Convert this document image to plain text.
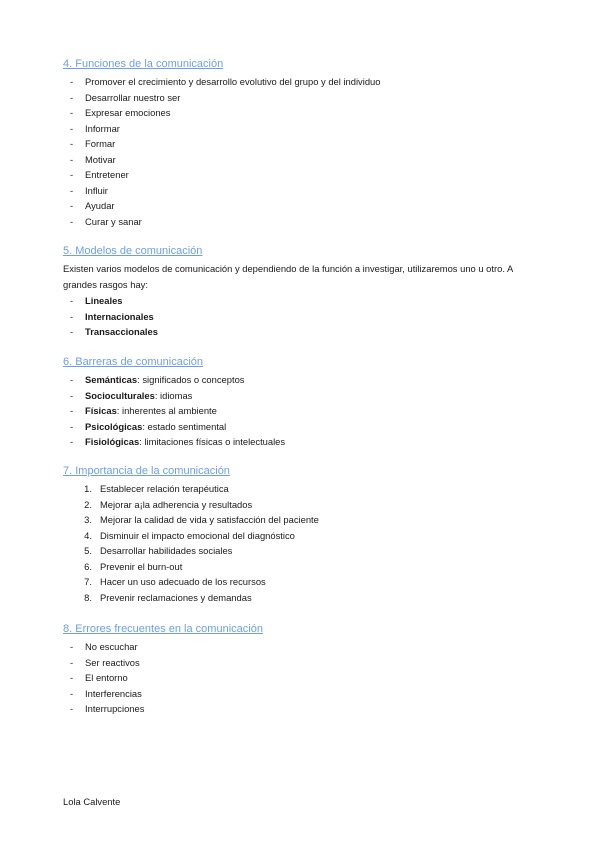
4. Funciones de la comunicación
- Promover el crecimiento y desarrollo evolutivo del grupo y del individuo
- Desarrollar nuestro ser
- Expresar emociones
- Informar
- Formar
- Motivar
- Entretener
- Influir
- Ayudar
- Curar y sanar
5. Modelos de comunicación
Existen varios modelos de comunicación y dependiendo de la función a investigar, utilizaremos uno u otro. A
grandes rasgos hay:
- Lineales
- Internacionales
- Transaccionales
6. Barreras de comunicación
- Semánticas: significados o conceptos
- Socioculturales: idiomas
- Físicas: inherentes al ambiente
- Psicológicas: estado sentimental
- Fisiológicas: limitaciones físicas o intelectuales
7. Importancia de la comunicación
1. Establecer relación terapéutica
2. Mejorar a¡la adherencia y resultados
3. Mejorar la calidad de vida y satisfacción del paciente
4. Disminuir el impacto emocional del diagnóstico
5. Desarrollar habilidades sociales
6. Prevenir el burn-out
7. Hacer un uso adecuado de los recursos
8. Prevenir reclamaciones y demandas
8. Errores frecuentes en la comunicación
- No escuchar
- Ser reactivos
- El entorno
- Interferencias
- Interrupciones
Lola Calvente
